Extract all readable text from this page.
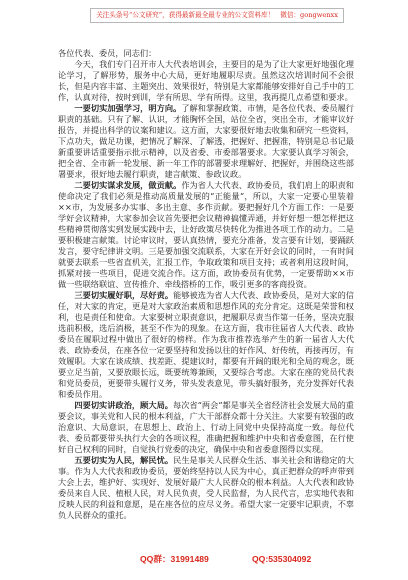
关注头条号“公文研究”，获得最新最全最专业的公文资料库！ 微信：gongwenxx

各位代表、委员，同志们：

今天，我们专门召开市人大代表培训会，主要目的是为了让大家更好地强化理论学习，了解形势，服务中心大局，更好地履职尽责。虽然这次培训时间不会很长，但是内容丰富、主题突出、效果很好，特别是大家都能够安排好自己手中的工作，认真对待，按时到训，学有所思、学有所得。这里，我再提几点希望和要求。

一要切实加强学习，明方向。了解和掌握政策、市情，是各位代表、委员履行职责的基础。只有了解、认识，才能胸怀全国，站位全省，突出全市，才能审议好报告，并提出科学的议案和建议。这方面，大家要很好地去收集和研究一些资料，下点功夫，做足功课，把情况了解深、了解透，把握好、把握准，特别是总书记最新重要讲话重要指示批示精神，以及省委、市委部署要求。大家要认真学习领会，把全省、全市新一轮发展、新一年工作的部署要求理解好、把握好，并围绕这些部署要求，很好地去履行职责，建言献策、参政议政。

二要切实谋求发展，做贡献。作为省人大代表、政协委员，我们肩上的职责和使命决定了我们必须是推动高质量发展的“正能量”，所以，大家一定要心里装着××市，为发展多办实事、多出主意、多作贡献。要把握好几个方面工作：一是要学好会议精神，大家参加会议首先要把会议精神搞懂弄通，并好好想一想怎样把这些精神贯彻落实到发展实践中去，让好政策尽快转化为推进各项工作的动力。二是要积极建言献策。讨论审议时，要认真热情，要充分准备，发言要有计划，要踊跃发言，要守纪律讲文明。三是要加强交流联系，大家在开好会议的同时，一有时间就要去联系一些省直机关，汇报工作，争取政策和项目支持；或者利用这段时间，抓紧对接一些项目，促进交流合作。这方面，政协委员有优势，一定要帮助××市做一些联络联谊、宣传推介、牵线搭桥的工作，吸引更多的客商投资。

三要切实履好职，尽好责。能够被选为省人大代表、政协委员，是对大家的信任，对大家的肯定，更是对大家政治素质和思想作风的充分肯定。这既是荣誉和权利，也是责任和使命。大家要树立职责意识，把履职尽责当作第一任务，坚决克服选前积极，选后消极，甚至不作为的现象。在这方面，我市往届省人大代表、政协委员在履职过程中做出了很好的榜样。作为我市推荐选举产生的新一届省人大代表、政协委员，在座各位一定要坚持和发扬以往的好作风、好传统，再接再厉，有效履职。大家在谈成绩、找差距、提建议时，都要有开阔的眼光和全局的观念，既要立足当前，又要放眼长远，既要统筹兼顾，又要综合考虑。大家在座的党员代表和党员委员，更要带头履行义务，带头发表意见，带头搞好服务，充分发挥好代表和委员作用。

四要切实讲政治，顾大局。每次省“两会”都是事关全省经济社会发展大局的重要会议，事关党和人民的根本利益，广大干部群众都十分关注。大家要有较强的政治意识、大局意识，在思想上、政治上、行动上同党中央保持高度一致。每位代表、委员都要带头执行大会的各项议程，准确把握和维护中央和省委意图，在行使好自己权利的同时，自觉执行党委的决定，确保中央和省委意图得以实现。

五要切实为人民，解民忧。民生是事关人民群众生活、事关社会和谐稳定的大事。作为人大代表和政协委员，要始终坚持以人民为中心，真正把群众的呼声带到大会上去，维护好、实现好、发展好最广大人民群众的根本利益。人大代表和政协委员来自人民、植根人民，对人民负责，受人民监督，为人民代言，忠实地代表和反映人民的利益和意愿，是在座各位的应尽义务。希望大家一定要牢记职责，不辜负人民群众的重托。

QQ群：31991489	QQ:535304092
